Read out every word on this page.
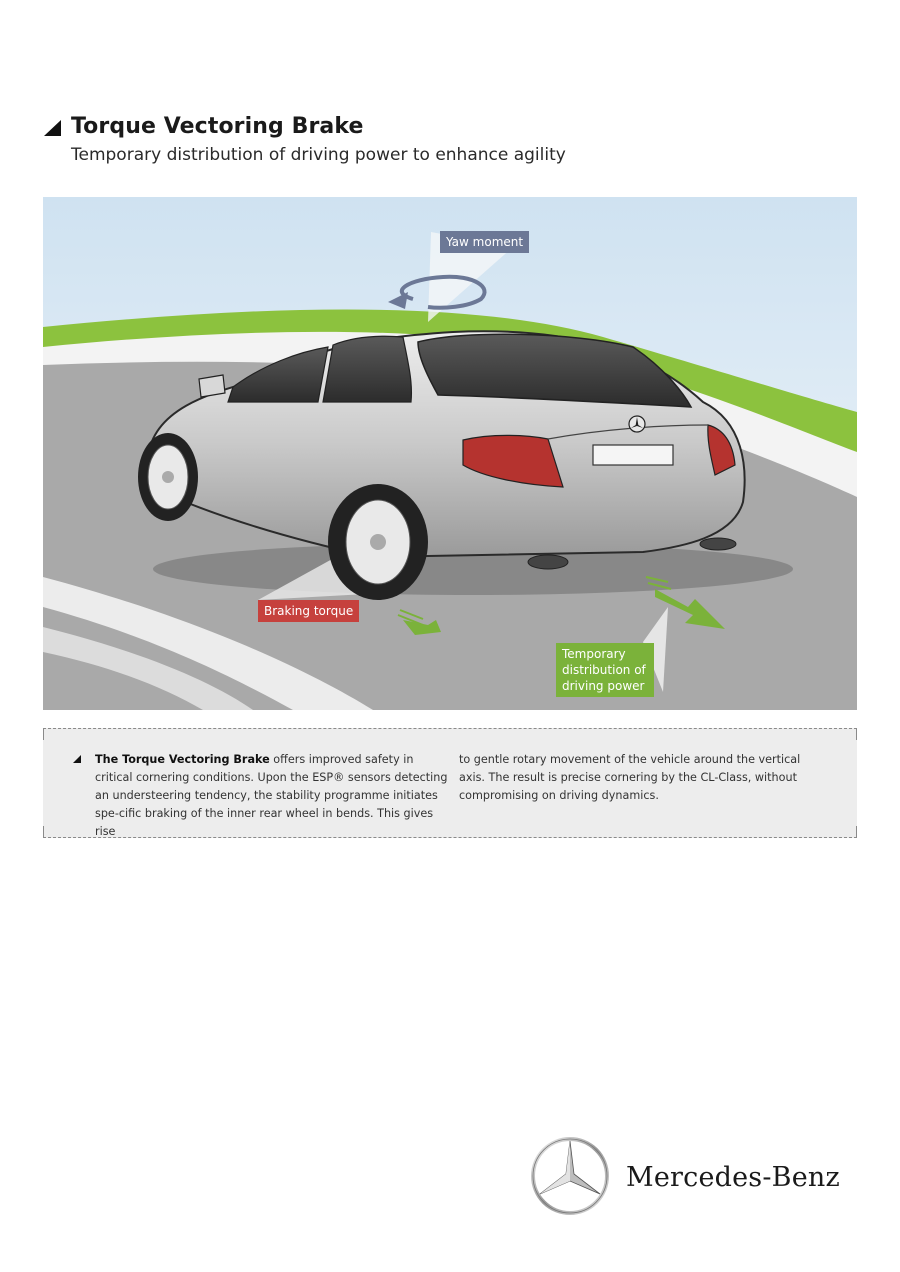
Torque Vectoring Brake
Temporary distribution of driving power to enhance agility
Yaw moment
Braking torque
Temporary distribution of driving power
The Torque Vectoring Brake offers improved safety in critical cornering conditions. Upon the ESP® sensors detecting an understeering tendency, the stability programme initiates spe-cific braking of the inner rear wheel in bends. This gives rise
to gentle rotary movement of the vehicle around the vertical axis. The result is precise cornering by the CL-Class, without compromising on driving dynamics.
Mercedes-Benz
